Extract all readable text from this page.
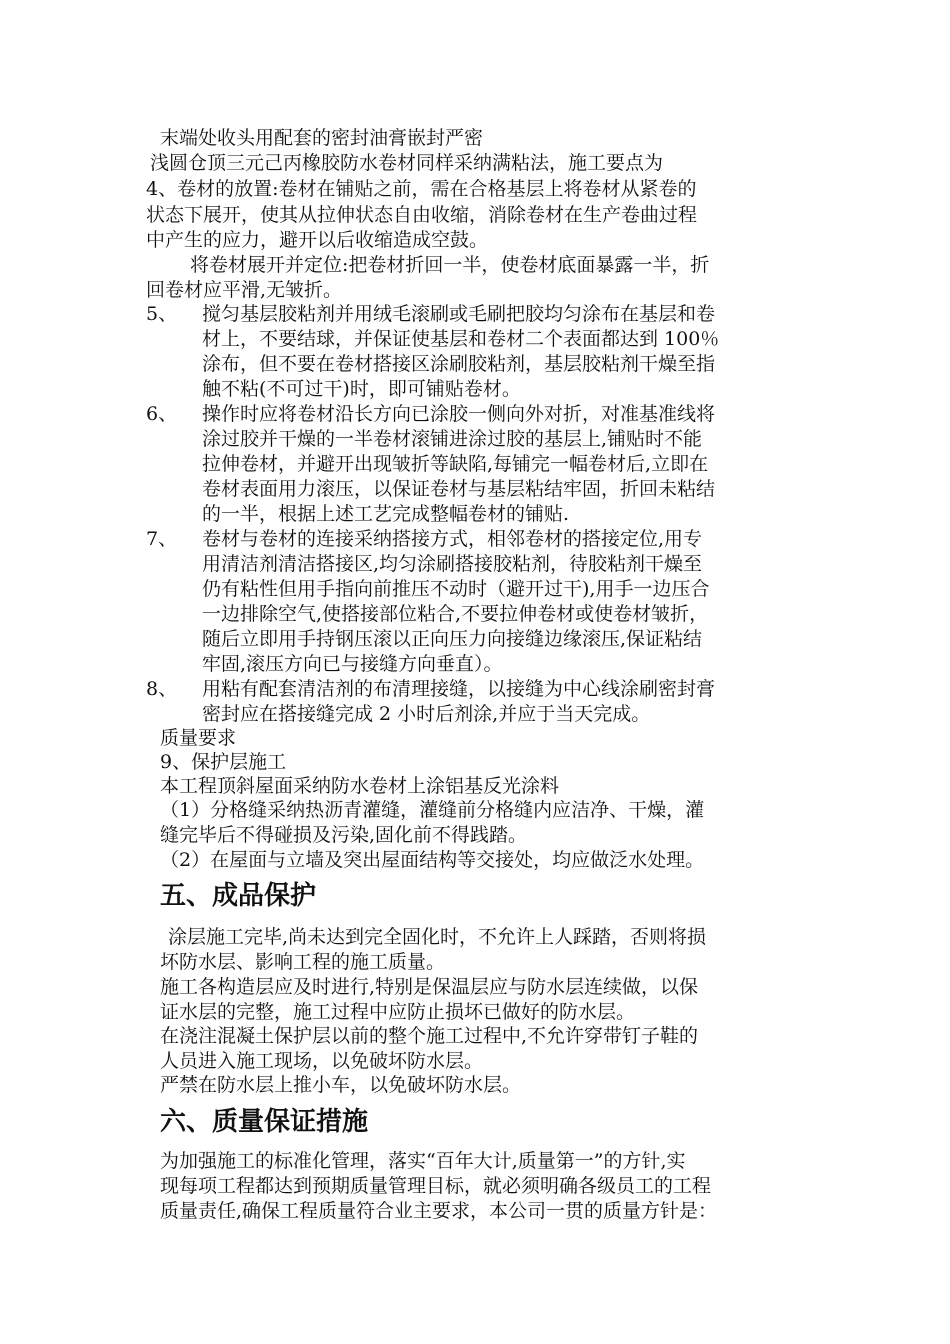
末端处收头用配套的密封油膏嵌封严密
浅圆仓顶三元己丙橡胶防水卷材同样采纳满粘法，施工要点为
4、卷材的放置:卷材在铺贴之前，需在合格基层上将卷材从紧卷的
状态下展开，使其从拉伸状态自由收缩，消除卷材在生产卷曲过程
中产生的应力，避开以后收缩造成空鼓。
将卷材展开并定位:把卷材折回一半，使卷材底面暴露一半，折
回卷材应平滑,无皱折。
5、 搅匀基层胶粘剂并用绒毛滚刷或毛刷把胶均匀涂布在基层和卷
材上，不要结球，并保证使基层和卷材二个表面都达到 100％
涂布，但不要在卷材搭接区涂刷胶粘剂，基层胶粘剂干燥至指
触不粘(不可过干)时，即可铺贴卷材。
6、 操作时应将卷材沿长方向已涂胶一侧向外对折，对准基准线将
涂过胶并干燥的一半卷材滚铺进涂过胶的基层上,铺贴时不能
拉伸卷材，并避开出现皱折等缺陷,每铺完一幅卷材后,立即在
卷材表面用力滚压，以保证卷材与基层粘结牢固，折回未粘结
的一半，根据上述工艺完成整幅卷材的铺贴.
7、 卷材与卷材的连接采纳搭接方式，相邻卷材的搭接定位,用专
用清洁剂清洁搭接区,均匀涂刷搭接胶粘剂，待胶粘剂干燥至
仍有粘性但用手指向前推压不动时（避开过干),用手一边压合
一边排除空气,使搭接部位粘合,不要拉伸卷材或使卷材皱折，
随后立即用手持钢压滚以正向压力向接缝边缘滚压,保证粘结
牢固,滚压方向已与接缝方向垂直）。
8、 用粘有配套清洁剂的布清理接缝，以接缝为中心线涂刷密封膏
密封应在搭接缝完成 2 小时后剂涂,并应于当天完成。
质量要求
9、保护层施工
本工程顶斜屋面采纳防水卷材上涂铝基反光涂料
（1）分格缝采纳热沥青灌缝，灌缝前分格缝内应洁净、干燥，灌
缝完毕后不得碰损及污染,固化前不得践踏。
（2）在屋面与立墙及突出屋面结构等交接处，均应做泛水处理。
五、成品保护
涂层施工完毕,尚未达到完全固化时，不允许上人踩踏，否则将损
坏防水层、影响工程的施工质量。
施工各构造层应及时进行,特别是保温层应与防水层连续做，以保
证水层的完整，施工过程中应防止损坏已做好的防水层。
在浇注混凝土保护层以前的整个施工过程中,不允许穿带钉子鞋的
人员进入施工现场，以免破坏防水层。
严禁在防水层上推小车，以免破坏防水层。
六、质量保证措施
为加强施工的标准化管理，落实“百年大计,质量第一”的方针,实
现每项工程都达到预期质量管理目标，就必须明确各级员工的工程
质量责任,确保工程质量符合业主要求，本公司一贯的质量方针是：
